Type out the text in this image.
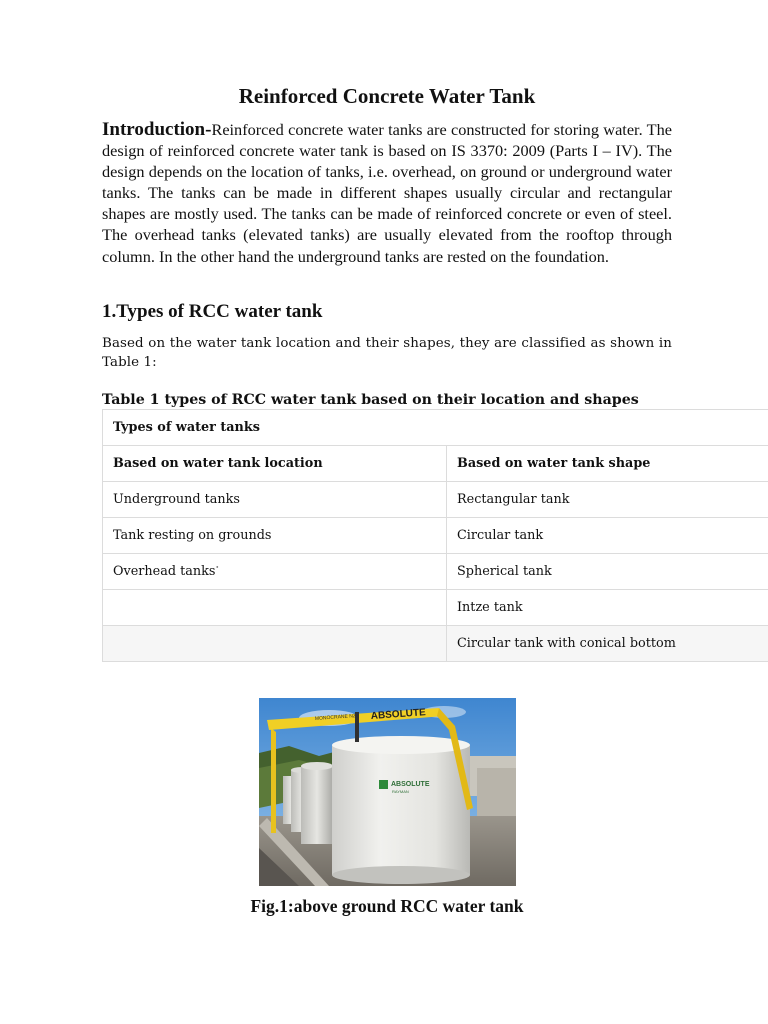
Reinforced Concrete Water Tank

Introduction-Reinforced concrete water tanks are constructed for storing water. The design of reinforced concrete water tank is based on IS 3370: 2009 (Parts I – IV). The design depends on the location of tanks, i.e. overhead, on ground or underground water tanks. The tanks can be made in different shapes usually circular and rectangular shapes are mostly used. The tanks can be made of reinforced concrete or even of steel. The overhead tanks (elevated tanks) are usually elevated from the rooftop through column. In the other hand the underground tanks are rested on the foundation.

1.Types of RCC water tank

Based on the water tank location and their shapes, they are classified as shown in Table 1:

Table 1 types of RCC water tank based on their location and shapes
Types of water tanks	
Based on water tank location	Based on water tank shape
Underground tanks	Rectangular tank
Tank resting on grounds	Circular tank
Overhead tanks•	Spherical tank
	Intze tank
	Circular tank with conical bottom
ABSOLUTE
RAYMAN
ABSOLUTE
MONOCRANE NZ
Fig.1:above ground RCC water tank
